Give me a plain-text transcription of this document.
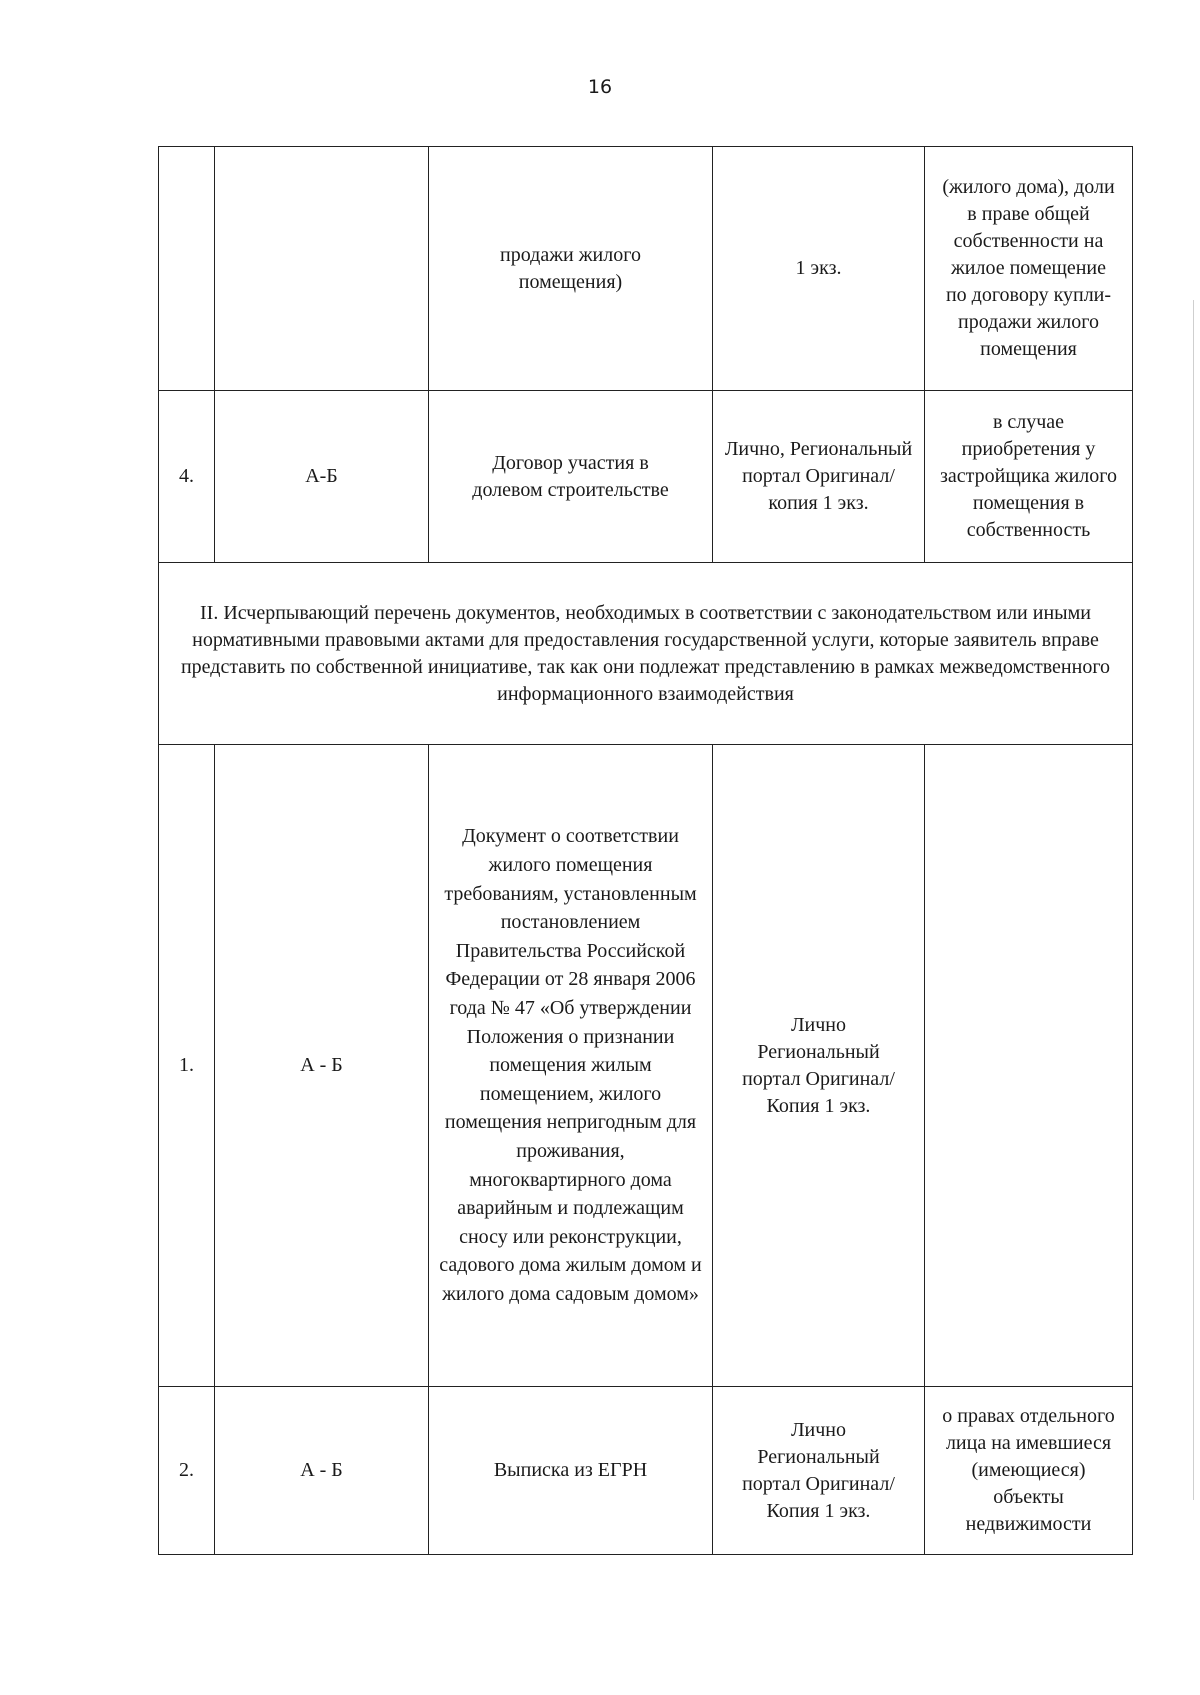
16
		продажи жилого помещения)	1 экз.	(жилого дома), доли в праве общей собственности на жилое помещение по договору купли-продажи жилого помещения
4.	А-Б	Договор участия в долевом строительстве	Лично, Региональный портал Оригинал/копия 1 экз.	в случае приобретения у застройщика жилого помещения в собственность
II. Исчерпывающий перечень документов, необходимых в соответствии с законодательством или иными нормативными правовыми актами для предоставления государственной услуги, которые заявитель вправе представить по собственной инициативе, так как они подлежат представлению в рамках межведомственного информационного взаимодействия				
1.	А - Б	Документ о соответствии жилого помещения требованиям, установленным постановлением Правительства Российской Федерации от 28 января 2006 года № 47 «Об утверждении Положения о признании помещения жилым помещением, жилого помещения непригодным для проживания, многоквартирного дома аварийным и подлежащим сносу или реконструкции, садового дома жилым домом и жилого дома садовым домом»	Лично Региональный портал Оригинал/Копия 1 экз.	
2.	А - Б	Выписка из ЕГРН	Лично Региональный портал Оригинал/Копия 1 экз.	о правах отдельного лица на имевшиеся (имеющиеся) объекты недвижимости
